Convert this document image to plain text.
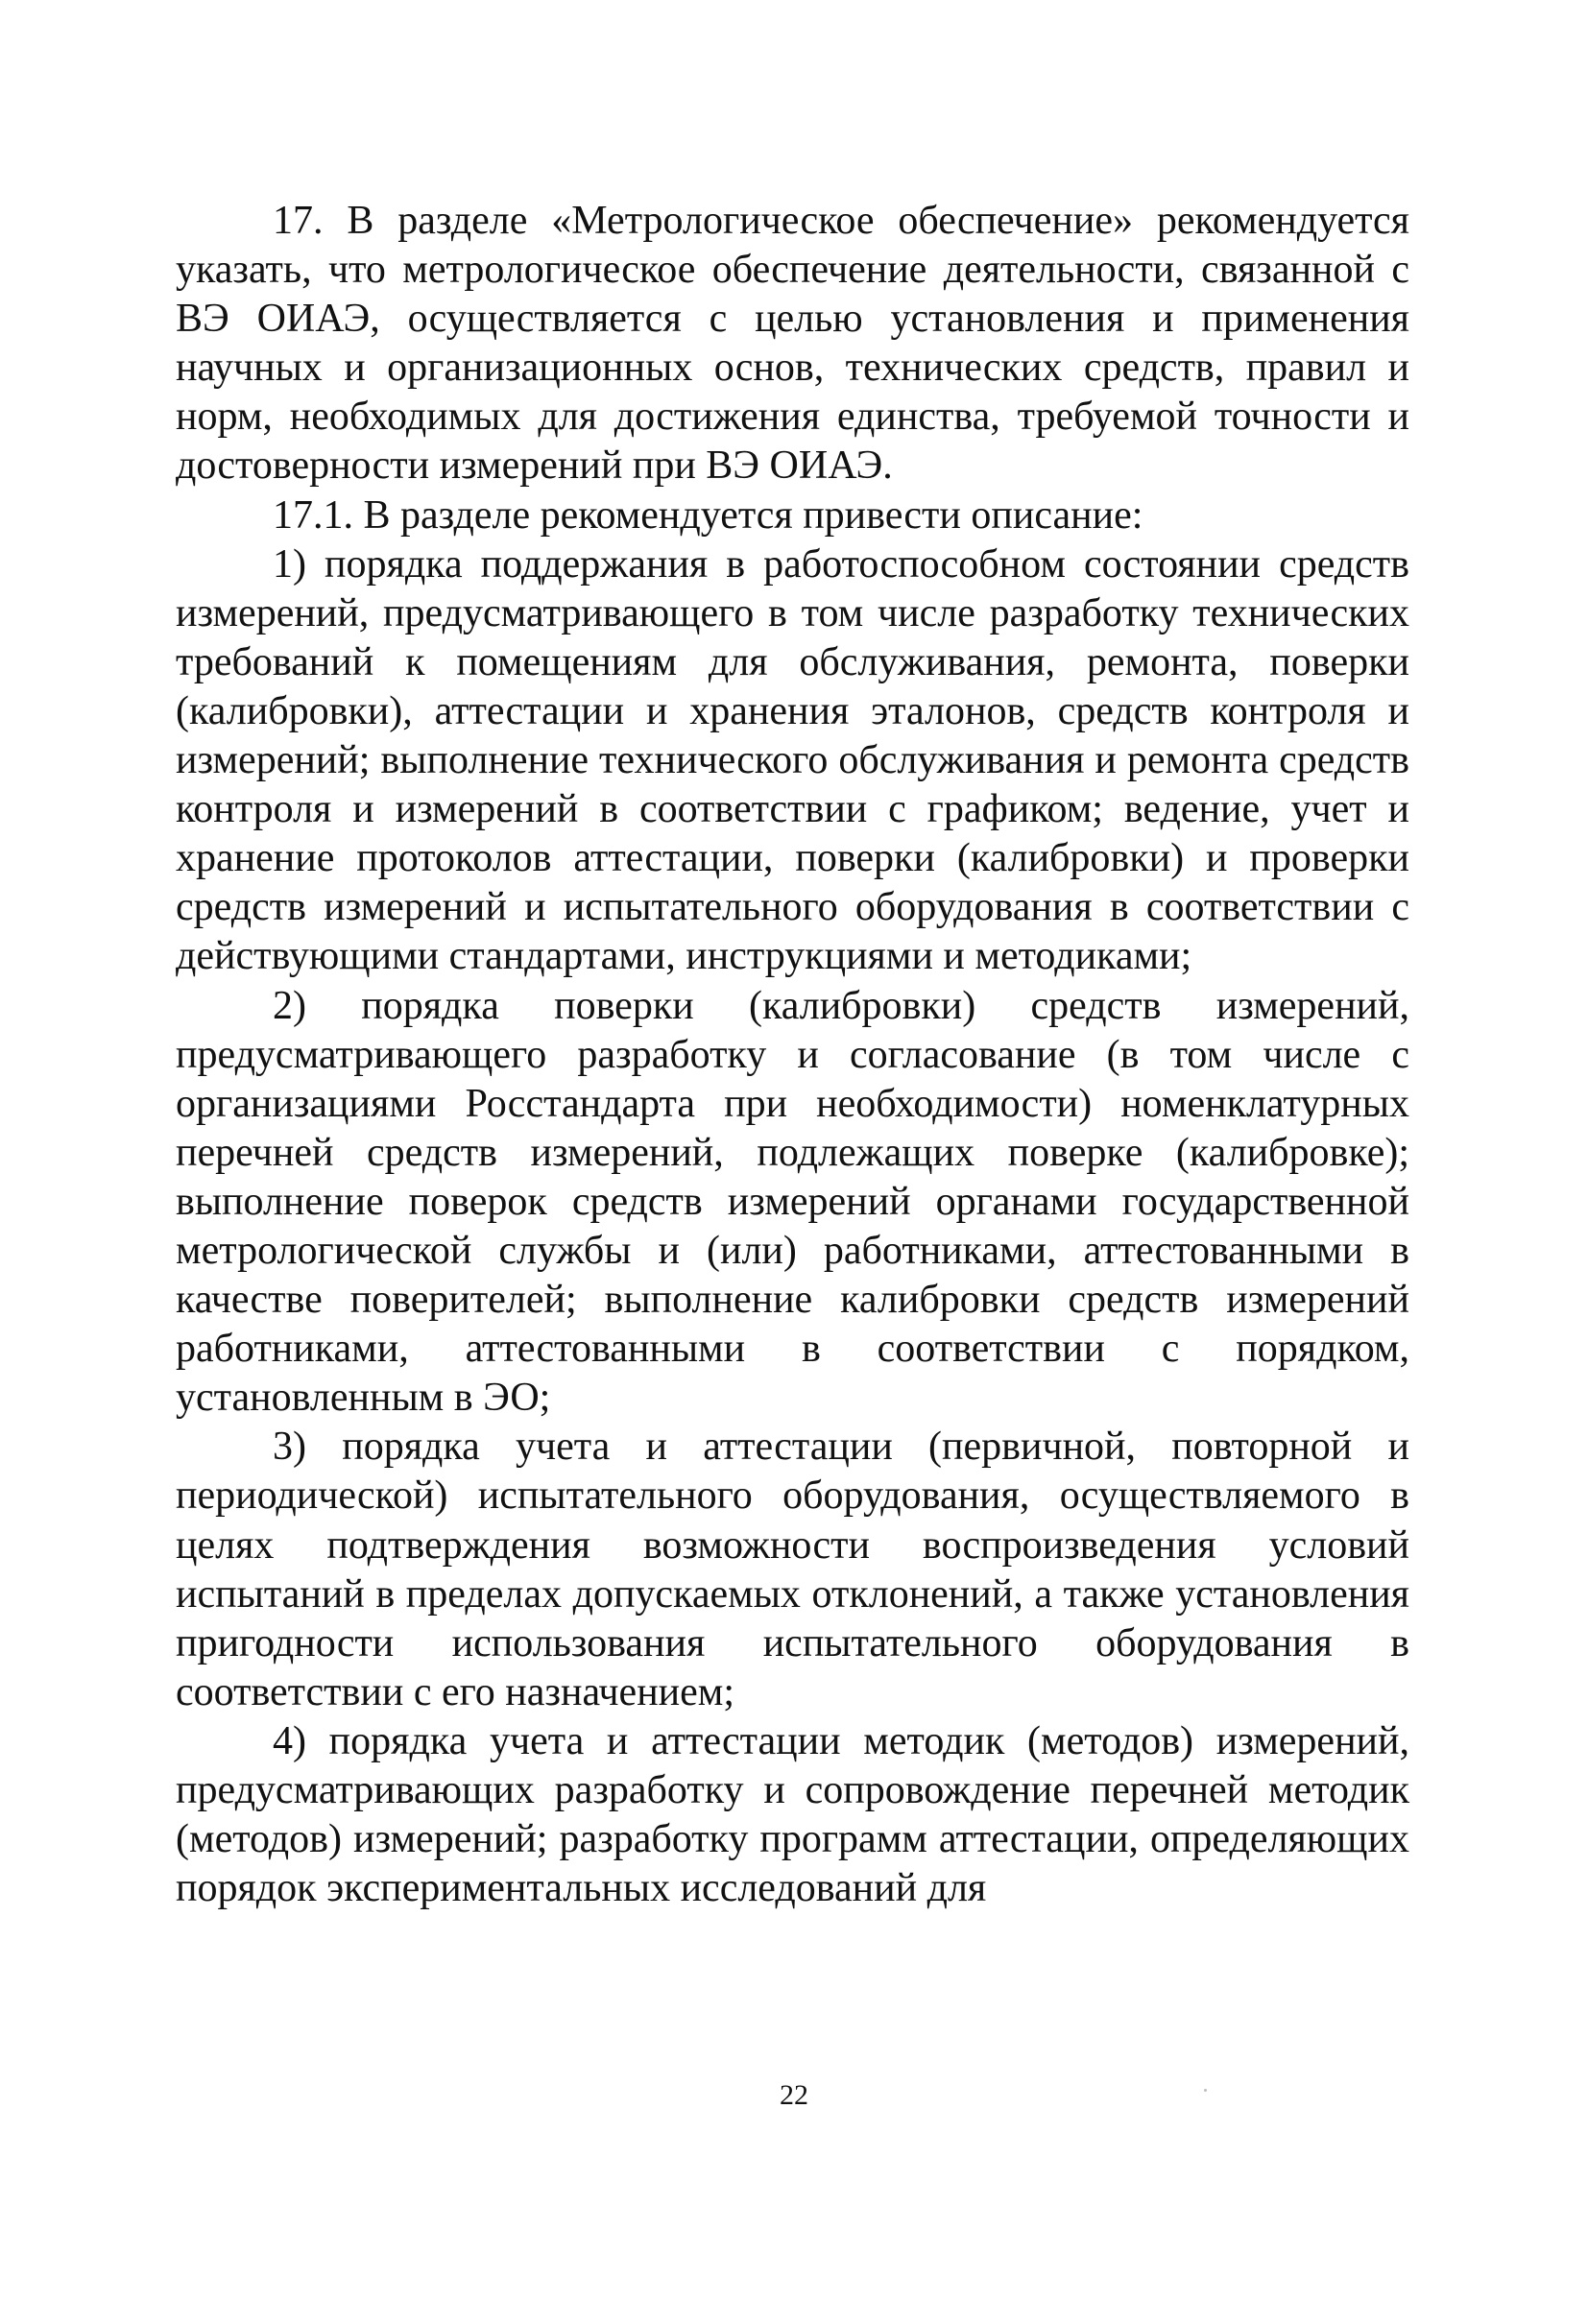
17. В разделе «Метрологическое обеспечение» рекомендуется указать, что метрологическое обеспечение деятельности, связанной с ВЭ ОИАЭ, осуществляется с целью установления и применения научных и организационных основ, технических средств, правил и норм, необходимых для достижения единства, требуемой точности и достоверности измерений при ВЭ ОИАЭ.

17.1. В разделе рекомендуется привести описание:

1) порядка поддержания в работоспособном состоянии средств измерений, предусматривающего в том числе разработку технических требований к помещениям для обслуживания, ремонта, поверки (калибровки), аттестации и хранения эталонов, средств контроля и измерений; выполнение технического обслуживания и ремонта средств контроля и измерений в соответствии с графиком; ведение, учет и хранение протоколов аттестации, поверки (калибровки) и проверки средств измерений и испытательного оборудования в соответствии с действующими стандартами, инструкциями и методиками;

2) порядка поверки (калибровки) средств измерений, предусматривающего разработку и согласование (в том числе с организациями Росстандарта при необходимости) номенклатурных перечней средств измерений, подлежащих поверке (калибровке); выполнение поверок средств измерений органами государственной метрологической службы и (или) работниками, аттестованными в качестве поверителей; выполнение калибровки средств измерений работниками, аттестованными в соответствии с порядком, установленным в ЭО;

3) порядка учета и аттестации (первичной, повторной и периодической) испытательного оборудования, осуществляемого в целях подтверждения возможности воспроизведения условий испытаний в пределах допускаемых отклонений, а также установления пригодности использования испытательного оборудования в соответствии с его назначением;

4) порядка учета и аттестации методик (методов) измерений, предусматривающих разработку и сопровождение перечней методик (методов) измерений; разработку программ аттестации, определяющих порядок экспериментальных исследований для

22
